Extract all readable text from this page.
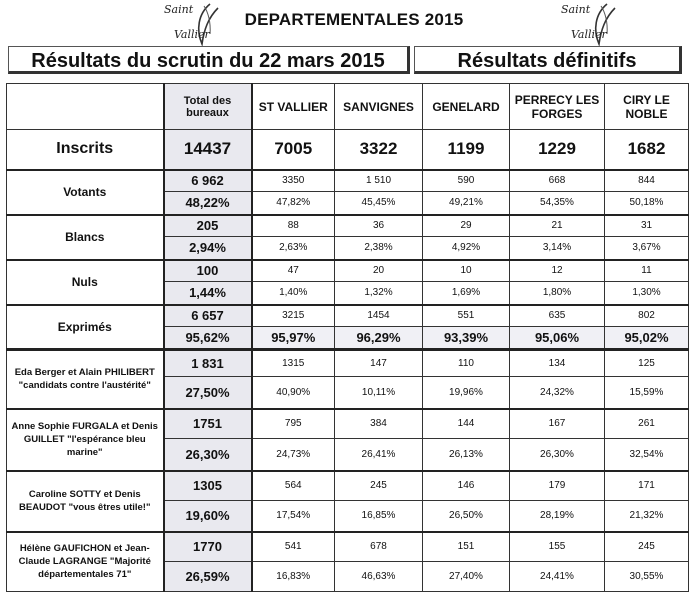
Saint
Vallier
Saint
Vallier
DEPARTEMENTALES 2015
Résultats du scrutin du 22 mars 2015	Résultats définitifs
	Total des bureaux	ST VALLIER	SANVIGNES	GENELARD	PERRECY LES FORGES	CIRY LE NOBLE
Inscrits	14437	7005	3322	1199	1229	1682
Votants	6 962	3350	1 510	590	668	844
	48,22%	47,82%	45,45%	49,21%	54,35%	50,18%
Blancs	205	88	36	29	21	31
	2,94%	2,63%	2,38%	4,92%	3,14%	3,67%
Nuls	100	47	20	10	12	11
	1,44%	1,40%	1,32%	1,69%	1,80%	1,30%
Exprimés	6 657	3215	1454	551	635	802
	95,62%	95,97%	96,29%	93,39%	95,06%	95,02%

Eda Berger et Alain PHILIBERT
"candidats contre l'austérité"	1 831	1315	147	110	134	125
	27,50%	40,90%	10,11%	19,96%	24,32%	15,59%

Anne Sophie FURGALA et Denis
GUILLET "l'espérance bleu
marine"	1751	795	384	144	167	261
	26,30%	24,73%	26,41%	26,13%	26,30%	32,54%

Caroline SOTTY et Denis
BEAUDOT "vous êtres utile!"	1305	564	245	146	179	171
	19,60%	17,54%	16,85%	26,50%	28,19%	21,32%

Hélène GAUFICHON et Jean-
Claude LAGRANGE "Majorité
départementales 71"	1770	541	678	151	155	245
	26,59%	16,83%	46,63%	27,40%	24,41%	30,55%
